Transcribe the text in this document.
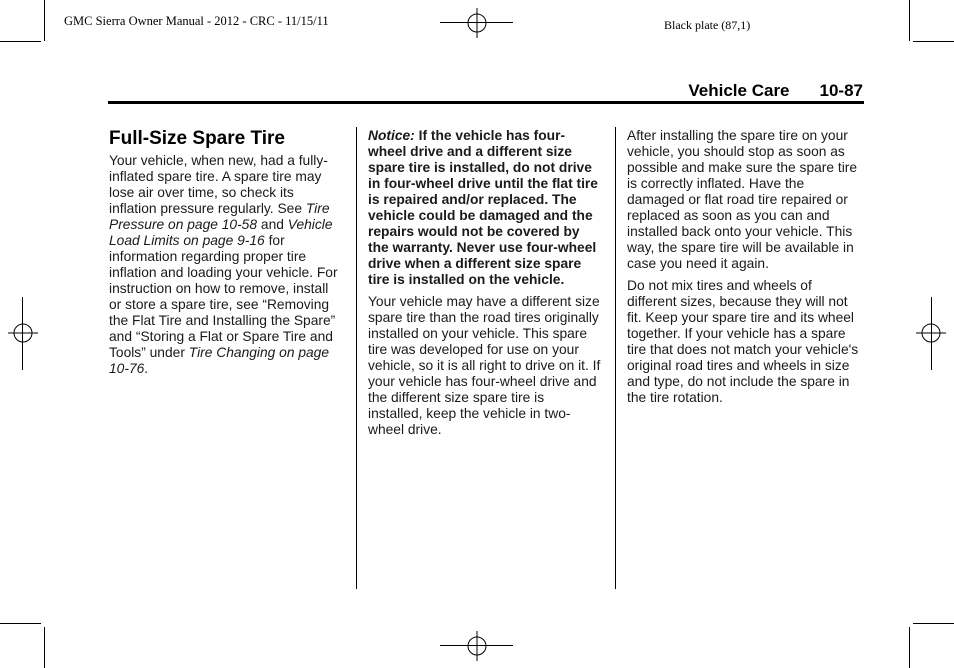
GMC Sierra Owner Manual - 2012 - CRC - 11/15/11	Black plate (87,1)
Vehicle Care 10-87
Full-Size Spare Tire

Your vehicle, when new, had a fully-inflated spare tire. A spare tire may lose air over time, so check its inflation pressure regularly. See Tire Pressure on page 10-58 and Vehicle Load Limits on page 9-16 for information regarding proper tire inflation and loading your vehicle. For instruction on how to remove, install or store a spare tire, see “Removing the Flat Tire and Installing the Spare” and “Storing a Flat or Spare Tire and Tools” under Tire Changing on page 10-76.

Notice: If the vehicle has four-wheel drive and a different size spare tire is installed, do not drive in four-wheel drive until the flat tire is repaired and/or replaced. The vehicle could be damaged and the repairs would not be covered by the warranty. Never use four-wheel drive when a different size spare tire is installed on the vehicle.

Your vehicle may have a different size spare tire than the road tires originally installed on your vehicle. This spare tire was developed for use on your vehicle, so it is all right to drive on it. If your vehicle has four-wheel drive and the different size spare tire is installed, keep the vehicle in two-wheel drive.

After installing the spare tire on your vehicle, you should stop as soon as possible and make sure the spare tire is correctly inflated. Have the damaged or flat road tire repaired or replaced as soon as you can and installed back onto your vehicle. This way, the spare tire will be available in case you need it again.

Do not mix tires and wheels of different sizes, because they will not fit. Keep your spare tire and its wheel together. If your vehicle has a spare tire that does not match your vehicle's original road tires and wheels in size and type, do not include the spare in the tire rotation.
